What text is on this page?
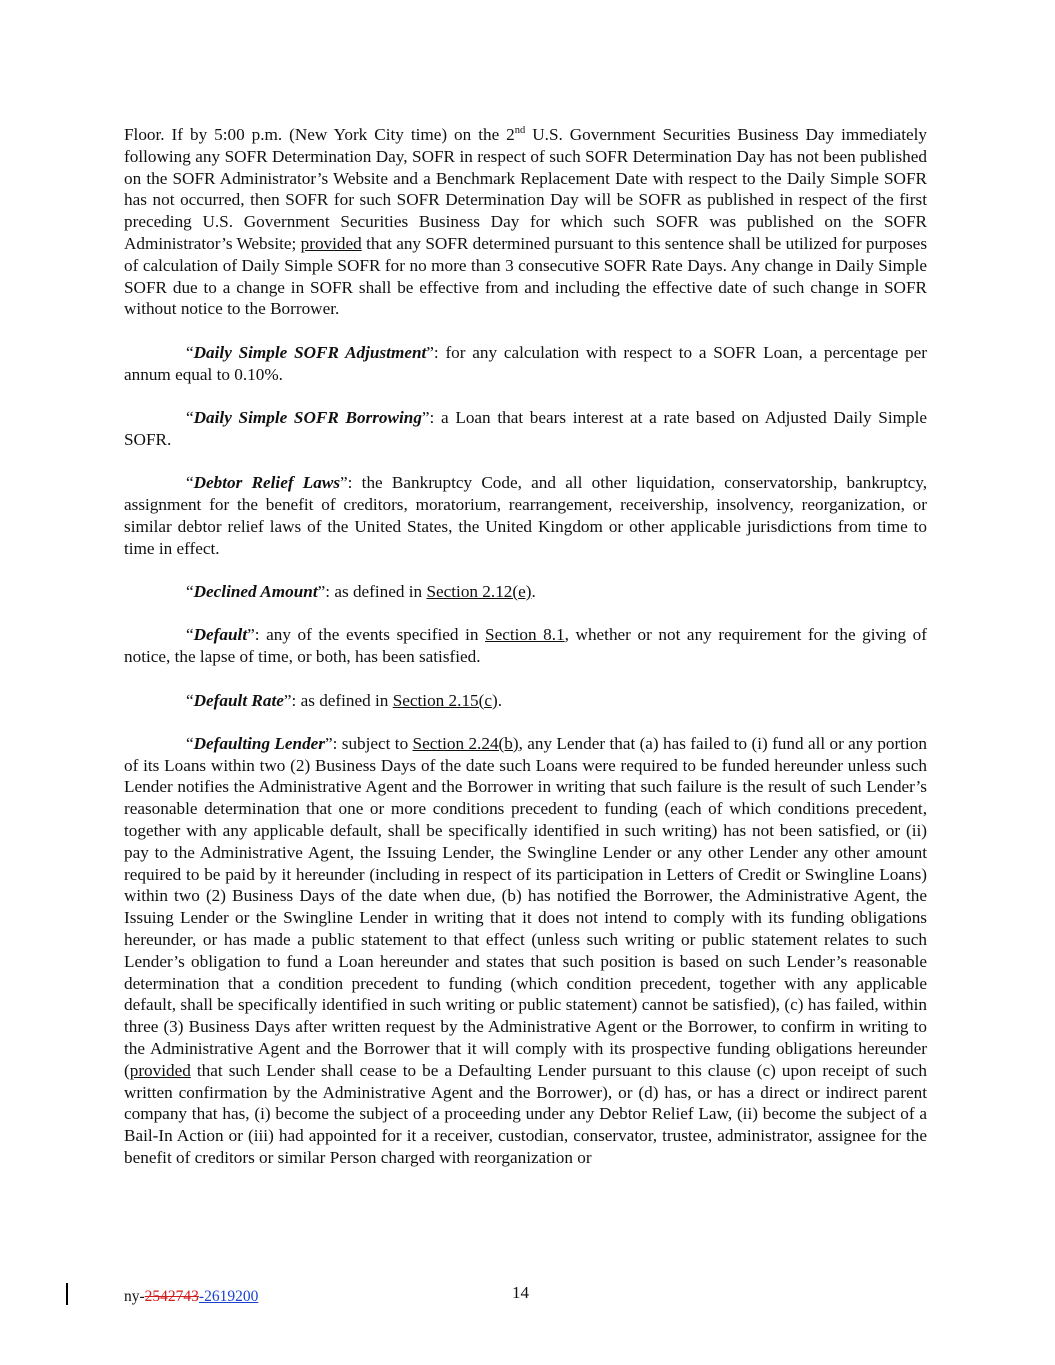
Floor. If by 5:00 p.m. (New York City time) on the 2nd U.S. Government Securities Business Day immediately following any SOFR Determination Day, SOFR in respect of such SOFR Determination Day has not been published on the SOFR Administrator’s Website and a Benchmark Replacement Date with respect to the Daily Simple SOFR has not occurred, then SOFR for such SOFR Determination Day will be SOFR as published in respect of the first preceding U.S. Government Securities Business Day for which such SOFR was published on the SOFR Administrator’s Website; provided that any SOFR determined pursuant to this sentence shall be utilized for purposes of calculation of Daily Simple SOFR for no more than 3 consecutive SOFR Rate Days. Any change in Daily Simple SOFR due to a change in SOFR shall be effective from and including the effective date of such change in SOFR without notice to the Borrower.

“Daily Simple SOFR Adjustment”: for any calculation with respect to a SOFR Loan, a percentage per annum equal to 0.10%.

“Daily Simple SOFR Borrowing”: a Loan that bears interest at a rate based on Adjusted Daily Simple SOFR.

“Debtor Relief Laws”: the Bankruptcy Code, and all other liquidation, conservatorship, bankruptcy, assignment for the benefit of creditors, moratorium, rearrangement, receivership, insolvency, reorganization, or similar debtor relief laws of the United States, the United Kingdom or other applicable jurisdictions from time to time in effect.

“Declined Amount”: as defined in Section 2.12(e).

“Default”: any of the events specified in Section 8.1, whether or not any requirement for the giving of notice, the lapse of time, or both, has been satisfied.

“Default Rate”: as defined in Section 2.15(c).

“Defaulting Lender”: subject to Section 2.24(b), any Lender that (a) has failed to (i) fund all or any portion of its Loans within two (2) Business Days of the date such Loans were required to be funded hereunder unless such Lender notifies the Administrative Agent and the Borrower in writing that such failure is the result of such Lender’s reasonable determination that one or more conditions precedent to funding (each of which conditions precedent, together with any applicable default, shall be specifically identified in such writing) has not been satisfied, or (ii) pay to the Administrative Agent, the Issuing Lender, the Swingline Lender or any other Lender any other amount required to be paid by it hereunder (including in respect of its participation in Letters of Credit or Swingline Loans) within two (2) Business Days of the date when due, (b) has notified the Borrower, the Administrative Agent, the Issuing Lender or the Swingline Lender in writing that it does not intend to comply with its funding obligations hereunder, or has made a public statement to that effect (unless such writing or public statement relates to such Lender’s obligation to fund a Loan hereunder and states that such position is based on such Lender’s reasonable determination that a condition precedent to funding (which condition precedent, together with any applicable default, shall be specifically identified in such writing or public statement) cannot be satisfied), (c) has failed, within three (3) Business Days after written request by the Administrative Agent or the Borrower, to confirm in writing to the Administrative Agent and the Borrower that it will comply with its prospective funding obligations hereunder (provided that such Lender shall cease to be a Defaulting Lender pursuant to this clause (c) upon receipt of such written confirmation by the Administrative Agent and the Borrower), or (d) has, or has a direct or indirect parent company that has, (i) become the subject of a proceeding under any Debtor Relief Law, (ii) become the subject of a Bail-In Action or (iii) had appointed for it a receiver, custodian, conservator, trustee, administrator, assignee for the benefit of creditors or similar Person charged with reorganization or

ny-2542743-2619200	14
